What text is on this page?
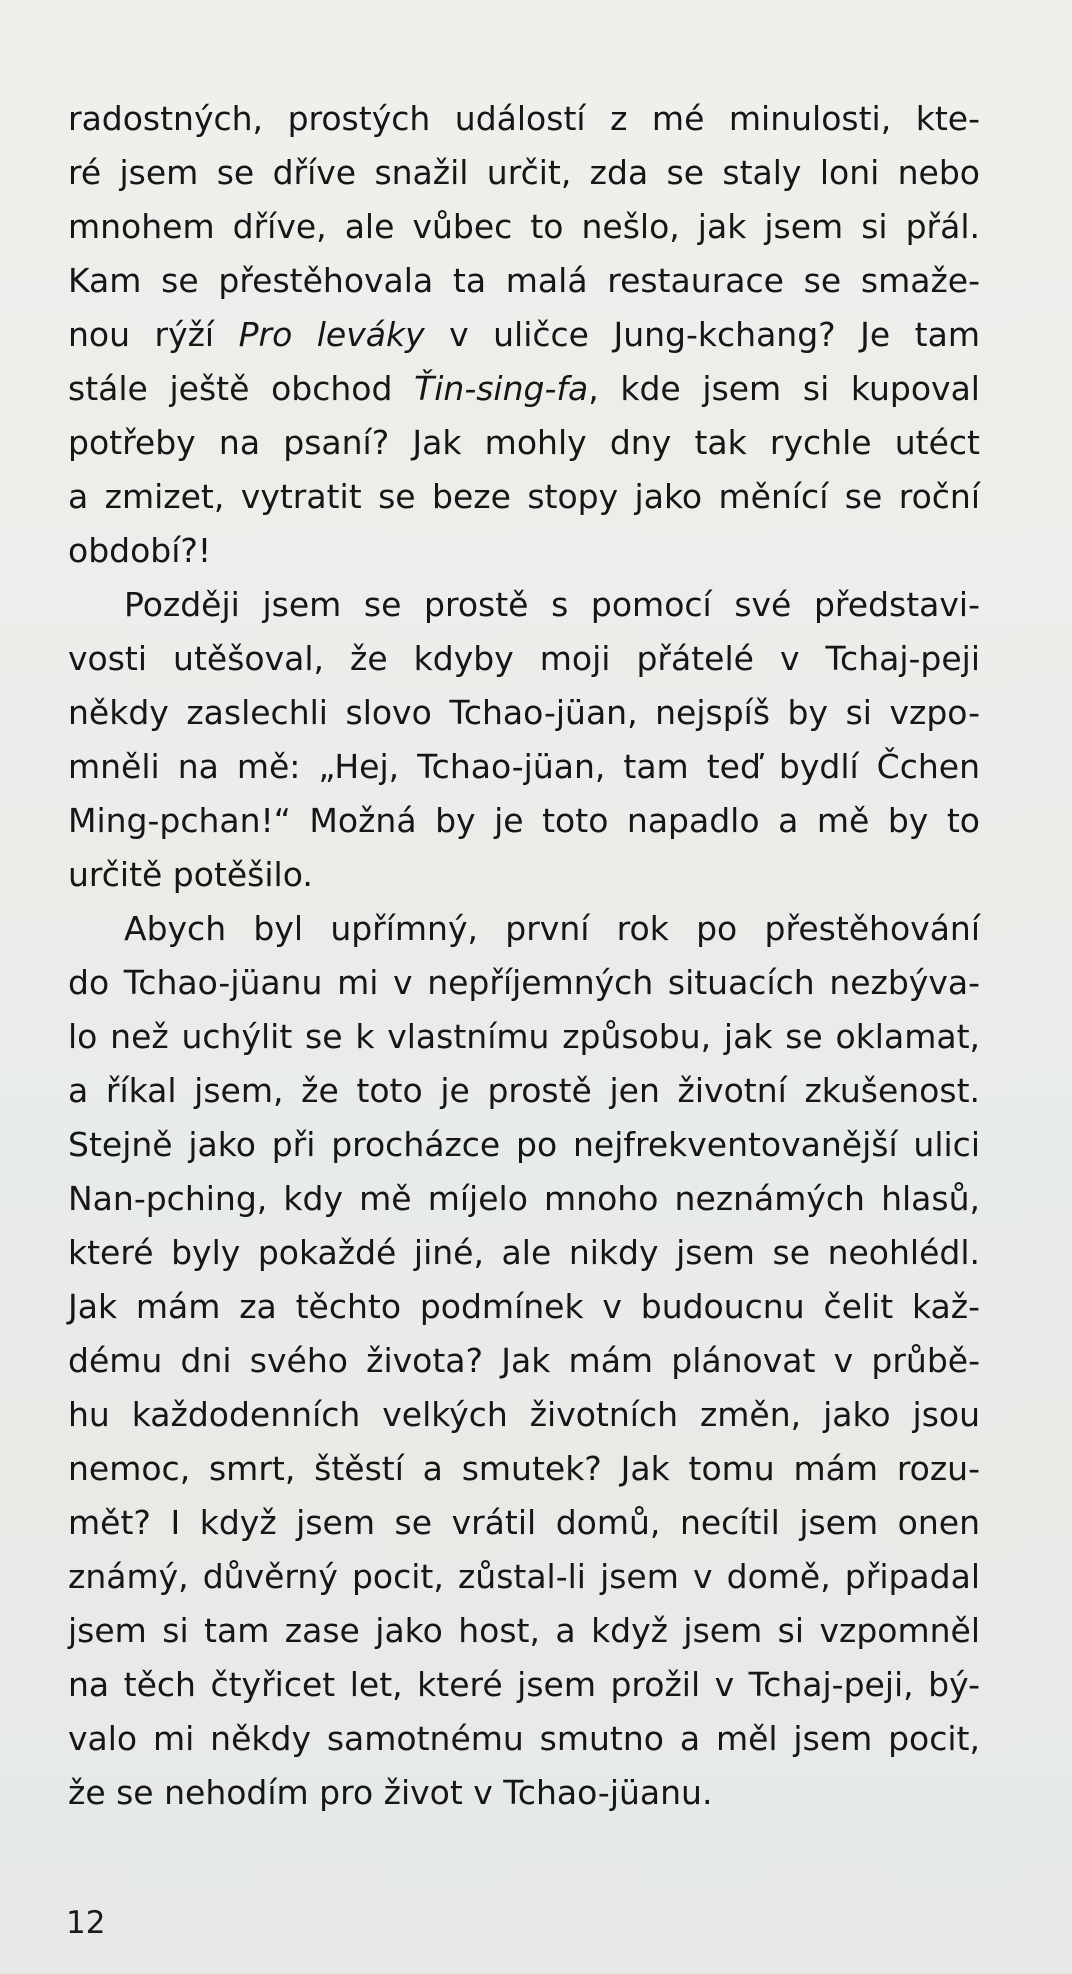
radostných, prostých událostí z mé minulosti, kte-
ré jsem se dříve snažil určit, zda se staly loni nebo
mnohem dříve, ale vůbec to nešlo, jak jsem si přál.
Kam se přestěhovala ta malá restaurace se smaže-
nou rýží Pro leváky v uličce Jung-kchang? Je tam
stále ještě obchod Ťin-sing-fa, kde jsem si kupoval
potřeby na psaní? Jak mohly dny tak rychle utéct
a zmizet, vytratit se beze stopy jako měnící se roční
období?!
Později jsem se prostě s pomocí své představi-
vosti utěšoval, že kdyby moji přátelé v Tchaj-peji
někdy zaslechli slovo Tchao-jüan, nejspíš by si vzpo-
mněli na mě: „Hej, Tchao-jüan, tam teď bydlí Čchen
Ming-pchan!“ Možná by je toto napadlo a mě by to
určitě potěšilo.
Abych byl upřímný, první rok po přestěhování
do Tchao-jüanu mi v nepříjemných situacích nezbýva-
lo než uchýlit se k vlastnímu způsobu, jak se oklamat,
a říkal jsem, že toto je prostě jen životní zkušenost.
Stejně jako při procházce po nejfrekventovanější ulici
Nan-pching, kdy mě míjelo mnoho neznámých hlasů,
které byly pokaždé jiné, ale nikdy jsem se neohlédl.
Jak mám za těchto podmínek v budoucnu čelit kaž-
dému dni svého života? Jak mám plánovat v průbě-
hu každodenních velkých životních změn, jako jsou
nemoc, smrt, štěstí a smutek? Jak tomu mám rozu-
mět? I když jsem se vrátil domů, necítil jsem onen
známý, důvěrný pocit, zůstal-li jsem v domě, připadal
jsem si tam zase jako host, a když jsem si vzpomněl
na těch čtyřicet let, které jsem prožil v Tchaj-peji, bý-
valo mi někdy samotnému smutno a měl jsem pocit,
že se nehodím pro život v Tchao-jüanu.
12
